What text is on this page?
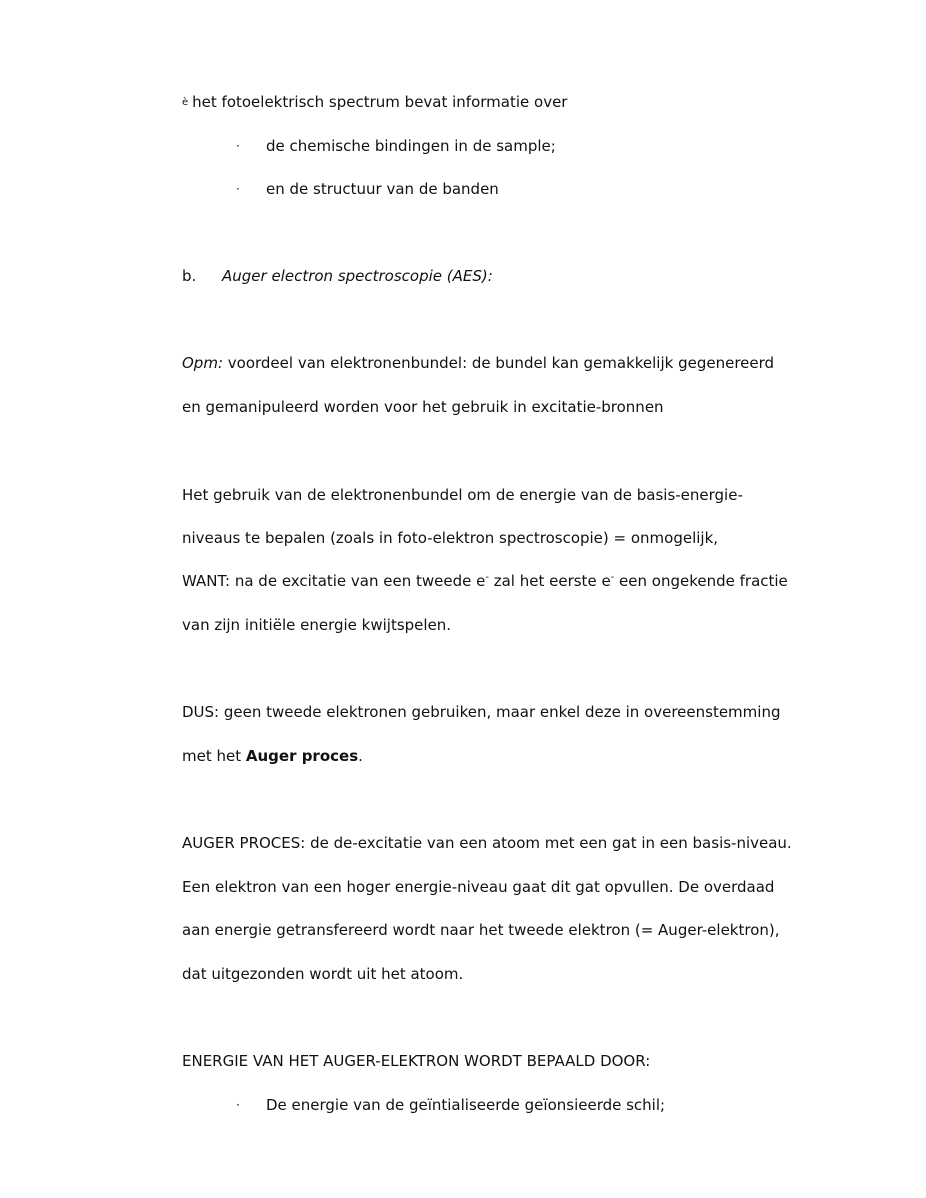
è het fotoelektrisch spectrum bevat informatie over
· de chemische bindingen in de sample;
· en de structuur van de banden
b. Auger electron spectroscopie (AES):
Opm: voordeel van elektronenbundel: de bundel kan gemakkelijk gegenereerd
en gemanipuleerd worden voor het gebruik in excitatie-bronnen
Het gebruik van de elektronenbundel om de energie van de basis-energie-
niveaus te bepalen (zoals in foto-elektron spectroscopie) = onmogelijk,
WANT: na de excitatie van een tweede e- zal het eerste e- een ongekende fractie
van zijn initiële energie kwijtspelen.
DUS: geen tweede elektronen gebruiken, maar enkel deze in overeenstemming
met het Auger proces.
AUGER PROCES: de de-excitatie van een atoom met een gat in een basis-niveau.
Een elektron van een hoger energie-niveau gaat dit gat opvullen. De overdaad
aan energie getransfereerd wordt naar het tweede elektron (= Auger-elektron),
dat uitgezonden wordt uit het atoom.
ENERGIE VAN HET AUGER-ELEKTRON WORDT BEPAALD DOOR:
· De energie van de geïntialiseerde geïonsieerde schil;
